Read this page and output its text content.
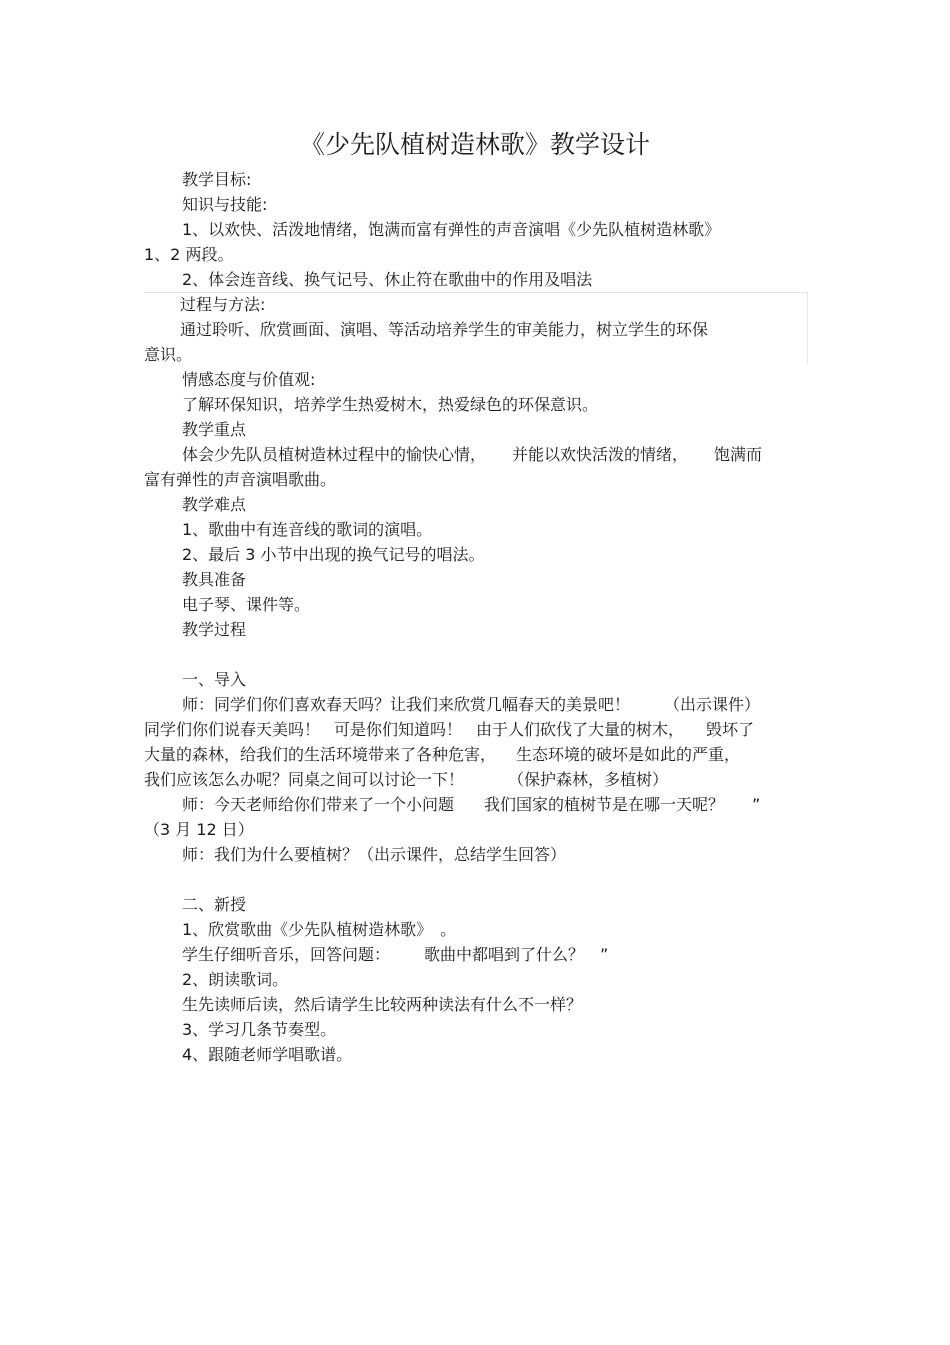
《少先队植树造林歌》教学设计
教学目标:
知识与技能:
1、以欢快、活泼地情绪，饱满而富有弹性的声音演唱《少先队植树造林歌》
1、2 两段。
2、体会连音线、换气记号、休止符在歌曲中的作用及唱法
过程与方法:
通过聆听、欣赏画面、演唱、等活动培养学生的审美能力，树立学生的环保
意识。
情感态度与价值观:
了解环保知识，培养学生热爱树木，热爱绿色的环保意识。
教学重点
体会少先队员植树造林过程中的愉快心情， 并能以欢快活泼的情绪， 饱满而
富有弹性的声音演唱歌曲。
教学难点
1、歌曲中有连音线的歌词的演唱。
2、最后 3 小节中出现的换气记号的唱法。
教具准备
电子琴、课件等。
教学过程
一、导入
师：同学们你们喜欢春天吗？让我们来欣赏几幅春天的美景吧！ （出示课件）
同学们你们说春天美吗！ 可是你们知道吗！ 由于人们砍伐了大量的树木， 毁坏了
大量的森林，给我们的生活环境带来了各种危害， 生态环境的破坏是如此的严重，
我们应该怎么办呢？同桌之间可以讨论一下！	（保护森林，多植树）
师：今天老师给你们带来了一个小问题 我们国家的植树节是在哪一天呢？ ”
（3 月 12 日）
师：我们为什么要植树？（出示课件，总结学生回答）
二、新授
1、欣赏歌曲《少先队植树造林歌》　。
学生仔细听音乐，回答问题： 歌曲中都唱到了什么？　”
2、朗读歌词。
生先读师后读，然后请学生比较两种读法有什么不一样？
3、学习几条节奏型。
4、跟随老师学唱歌谱。
